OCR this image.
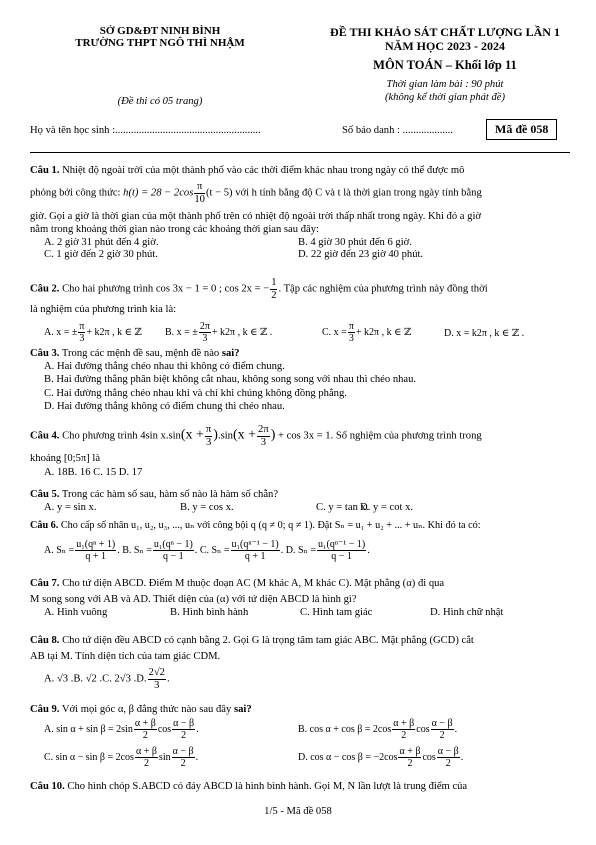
SỞ GD&ĐT NINH BÌNH
TRƯỜNG THPT NGÔ THÌ NHẬM
(Đề thi có 05 trang)
ĐỀ THI KHẢO SÁT CHẤT LƯỢNG LẦN 1
NĂM HỌC 2023 - 2024
MÔN TOÁN – Khối lớp 11
Thời gian làm bài : 90 phút
(không kể thời gian phát đề)
Họ và tên học sinh :.......................................................	Số báo danh : ...................	Mã đề 058
Câu 1. Nhiệt độ ngoài trời của một thành phố vào các thời điểm khác nhau trong ngày có thể được mô
phỏng bởi công thức: $h(t) = 28 - 2\cos \frac{\pi}{10} (t - 5)$ với h tính bằng độ C và t là thời gian trong ngày tính bằng
giờ. Gọi a giờ là thời gian của một thành phố trên có nhiệt độ ngoài trời thấp nhất trong ngày. Khi đó a giờ
nằm trong khoảng thời gian nào trong các khoảng thời gian sau đây:
A. 2 giờ 31 phút đến 4 giờ.	B. 4 giờ 30 phút đến 6 giờ.
C. 1 giờ đến 2 giờ 30 phút.	D. 22 giờ đến 23 giờ 40 phút.
Câu 2. Cho hai phương trình cos 3x − 1 = 0 ; cos 2x = − $\frac{1}{2}$ . Tập các nghiệm của phương trình này đồng thời
là nghiệm của phương trình kia là:
A. x = ± $\frac{\pi}{3} + k2\pi$ , k ∈ ℤ B. x = ± $\frac{2\pi}{3} + k2\pi$ , k ∈ ℤ .	C. $x = \frac{\pi}{3} + k2\pi$ , k ∈ ℤ	D. x = k2π , k ∈ ℤ .
Câu 3. Trong các mệnh đề sau, mệnh đề nào sai?
A. Hai đường thẳng chéo nhau thì không có điểm chung.
B. Hai đường thẳng phân biệt không cắt nhau, không song song với nhau thì chéo nhau.
C. Hai đường thẳng chéo nhau khi và chỉ khi chúng không đồng phẳng.
D. Hai đường thẳng không có điểm chung thì chéo nhau.
Câu 4. Cho phương trình 4sin $x.\sin(x + \frac{\pi}{3} ).\sin(x + \frac{2\pi}{3}$ ) + cos 3x = 1. Số nghiệm của phương trình trong
khoảng [0;5π] là
A. 18B. 16 C. 15 D. 17
Câu 5. Trong các hàm số sau, hàm số nào là hàm số chẵn?
A. y = sin x.	B. y = cos x.	C. y = tan x.
D. y = cot x.
Câu 6. Cho cấp số nhân u₁, u₂, u₃, ..., uₙ với công bội q (q ≠ 0; q ≠ 1). Đặt Sₙ = u₁ + u₂ + ... + uₙ. Khi đó ta có:
A. $S_n = \frac{\text{u₁(qⁿ + 1)}}{q + 1}$ . B. $S_n = \frac{\text{u₁(qⁿ − 1)}}{q - 1}$ . C. $S_n = \frac{\text{u₁(qⁿ⁻¹ − 1)}}{q + 1}$ . D. $S_n = \frac{\text{u₁(qⁿ⁻¹ − 1)}}{q - 1}$ .
Câu 7. Cho tứ diện ABCD. Điểm M thuộc đoạn AC (M khác A, M khác C). Mặt phẳng (α) đi qua
M song song với AB và AD. Thiết diện của (α) với tứ diện ABCD là hình gì?
A. Hình vuông	B. Hình bình hành	C. Hình tam giác	D. Hình chữ nhật
Câu 8. Cho tứ diện đều ABCD có cạnh bằng 2. Gọi G là trọng tâm tam giác ABC. Mặt phẳng (GCD) cắt
AB tại M. Tính diện tích của tam giác CDM.
A. √3 .B. √2 .C. 2√3 .D. $\frac{2√2}{3}$ .
Câu 9. Với mọi góc α, β đẳng thức nào sau đây sai?
A. $\sin \alpha + \sin \beta = 2\sin \frac{\alpha + \beta}{2}$ $\cos \frac{\alpha - \beta}{2}$ .	B. $\cos \alpha + \cos \beta = 2\cos \frac{\alpha + \beta}{2}$ $\cos \frac{\alpha - \beta}{2}$ .
C. $\sin \alpha - \sin \beta = 2\cos \frac{\alpha + \beta}{2}$ $\sin \frac{\alpha - \beta}{2}$ .	D. $\cos \alpha - \cos \beta = -2\cos \frac{\alpha + \beta}{2}$ $\cos \frac{\alpha - \beta}{2}$ .
Câu 10. Cho hình chóp S.ABCD có đáy ABCD là hình bình hành. Gọi M, N lần lượt là trung điểm của
1/5 - Mã đề 058
